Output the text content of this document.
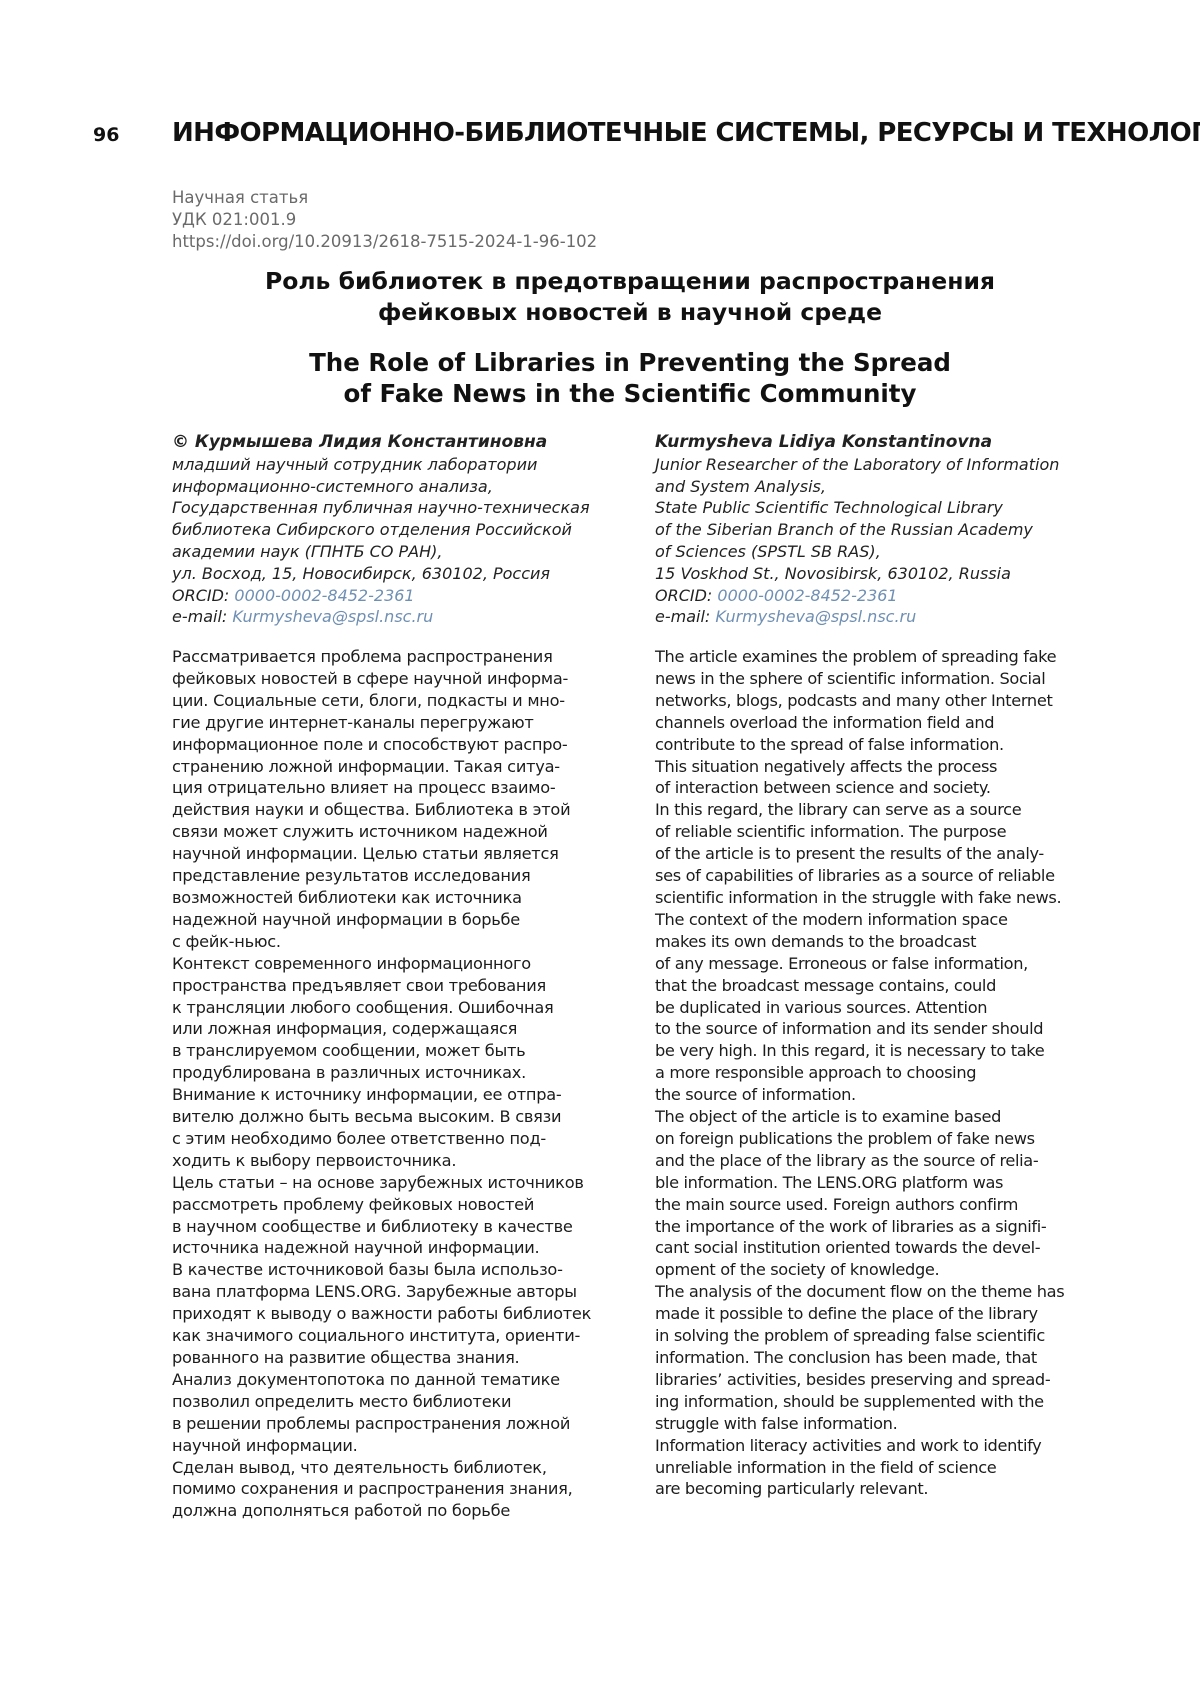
96 ИНФОРМАЦИОННО-БИБЛИОТЕЧНЫЕ СИСТЕМЫ, РЕСУРСЫ И ТЕХНОЛОГИИ
Научная статья
УДК 021:001.9
https://doi.org/10.20913/2618-7515-2024-1-96-102
Роль библиотек в предотвращении распространения
фейковых новостей в научной среде
The Role of Libraries in Preventing the Spread
of Fake News in the Scientific Community
© Курмышева Лидия Константиновна
младший научный сотрудник лаборатории
информационно-системного анализа,
Государственная публичная научно-техническая
библиотека Сибирского отделения Российской
академии наук (ГПНТБ СО РАН),
ул. Восход, 15, Новосибирск, 630102, Россия
ORCID: 0000-0002-8452-2361
e-mail: Kurmysheva@spsl.nsc.ru
Kurmysheva Lidiya Konstantinovna
Junior Researcher of the Laboratory of Information
and System Analysis,
State Public Scientific Technological Library
of the Siberian Branch of the Russian Academy
of Sciences (SPSTL SB RAS),
15 Voskhod St., Novosibirsk, 630102, Russia
ORCID: 0000-0002-8452-2361
e-mail: Kurmysheva@spsl.nsc.ru
Рассматривается проблема распространения
фейковых новостей в сфере научной информа-
ции. Социальные сети, блоги, подкасты и мно-
гие другие интернет-каналы перегружают
информационное поле и способствуют распро-
странению ложной информации. Такая ситуа-
ция отрицательно влияет на процесс взаимо-
действия науки и общества. Библиотека в этой
связи может служить источником надежной
научной информации. Целью статьи является
представление результатов исследования
возможностей библиотеки как источника
надежной научной информации в борьбе
с фейк-ньюс.
Контекст современного информационного
пространства предъявляет свои требования
к трансляции любого сообщения. Ошибочная
или ложная информация, содержащаяся
в транслируемом сообщении, может быть
продублирована в различных источниках.
Внимание к источнику информации, ее отпра-
вителю должно быть весьма высоким. В связи
с этим необходимо более ответственно под-
ходить к выбору первоисточника.
Цель статьи – на основе зарубежных источников
рассмотреть проблему фейковых новостей
в научном сообществе и библиотеку в качестве
источника надежной научной информации.
В качестве источниковой базы была использо-
вана платформа LENS.ORG. Зарубежные авторы
приходят к выводу о важности работы библиотек
как значимого социального института, ориенти-
рованного на развитие общества знания.
Анализ документопотока по данной тематике
позволил определить место библиотеки
в решении проблемы распространения ложной
научной информации.
Сделан вывод, что деятельность библиотек,
помимо сохранения и распространения знания,
должна дополняться работой по борьбе
The article examines the problem of spreading fake
news in the sphere of scientific information. Social
networks, blogs, podcasts and many other Internet
channels overload the information field and
contribute to the spread of false information.
This situation negatively affects the process
of interaction between science and society.
In this regard, the library can serve as a source
of reliable scientific information. The purpose
of the article is to present the results of the analy-
ses of capabilities of libraries as a source of reliable
scientific information in the struggle with fake news.
The context of the modern information space
makes its own demands to the broadcast
of any message. Erroneous or false information,
that the broadcast message contains, could
be duplicated in various sources. Attention
to the source of information and its sender should
be very high. In this regard, it is necessary to take
a more responsible approach to choosing
the source of information.
The object of the article is to examine based
on foreign publications the problem of fake news
and the place of the library as the source of relia-
ble information. The LENS.ORG platform was
the main source used. Foreign authors confirm
the importance of the work of libraries as a signifi-
cant social institution oriented towards the devel-
opment of the society of knowledge.
The analysis of the document flow on the theme has
made it possible to define the place of the library
in solving the problem of spreading false scientific
information. The conclusion has been made, that
libraries’ activities, besides preserving and spread-
ing information, should be supplemented with the
struggle with false information.
Information literacy activities and work to identify
unreliable information in the field of science
are becoming particularly relevant.
